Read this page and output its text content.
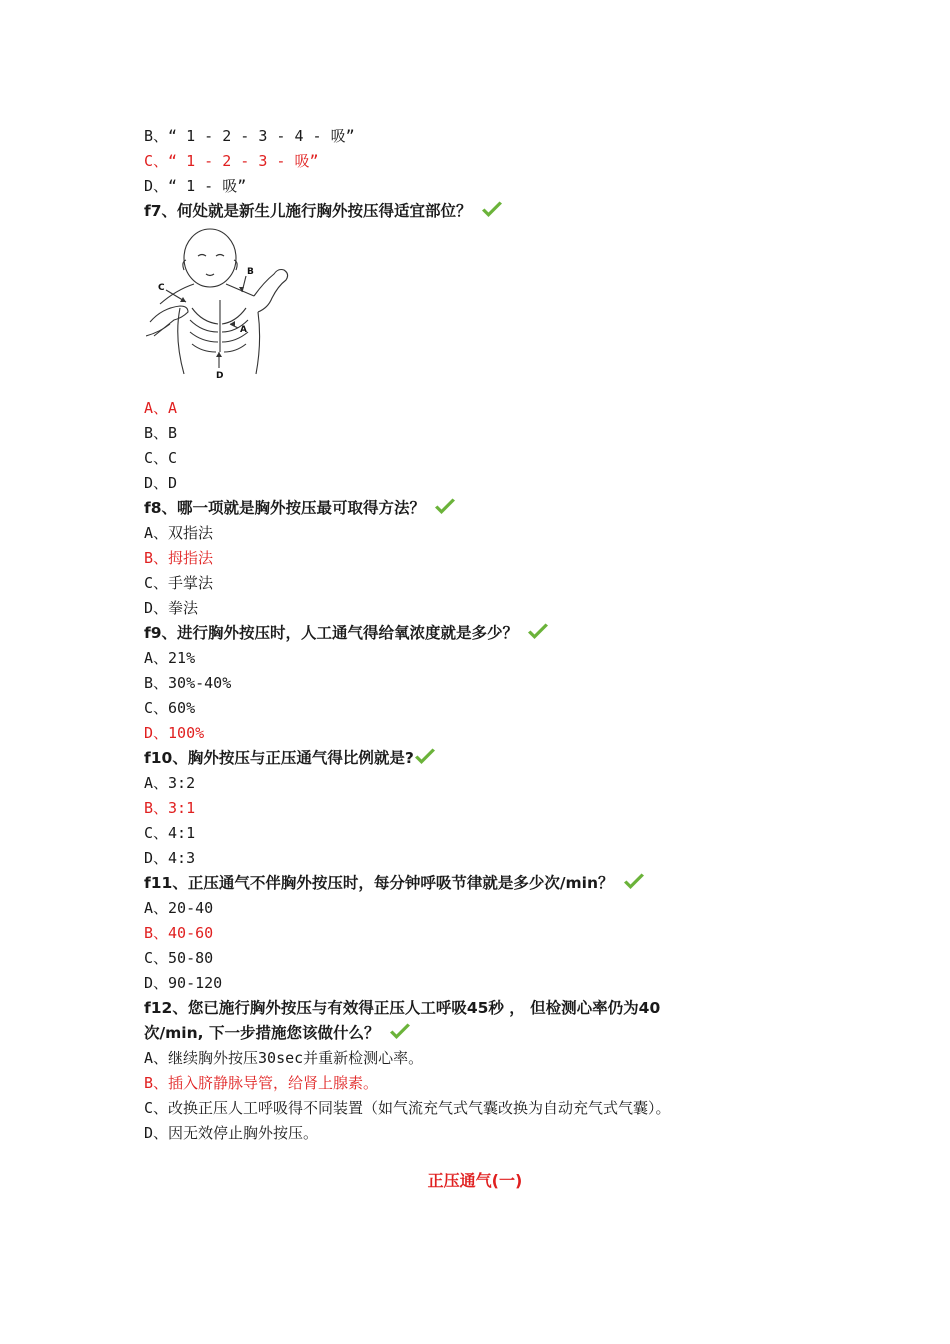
B、“ 1 - 2 - 3 - 4 - 吸”
C、“ 1 - 2 - 3 - 吸”
D、“ 1 - 吸”
f7、何处就是新生儿施行胸外按压得适宜部位？
C
B
A
D
A、A
B、B
C、C
D、D
f8、哪一项就是胸外按压最可取得方法？
A、双指法
B、拇指法
C、手掌法
D、拳法
f9、进行胸外按压时，人工通气得给氧浓度就是多少？
A、21%
B、30%-40%
C、60%
D、100%
f10、胸外按压与正压通气得比例就是?
A、3:2
B、3:1
C、4:1
D、4:3
f11、正压通气不伴胸外按压时，每分钟呼吸节律就是多少次/min？
A、20-40
B、40-60
C、50-80
D、90-120
f12、您已施行胸外按压与有效得正压人工呼吸45秒 ， 但检测心率仍为40
次/min, 下一步措施您该做什么？
A、继续胸外按压30sec并重新检测心率。
B、插入脐静脉导管，给肾上腺素。
C、改换正压人工呼吸得不同装置（如气流充气式气囊改换为自动充气式气囊）。
D、因无效停止胸外按压。
正压通气(一)
